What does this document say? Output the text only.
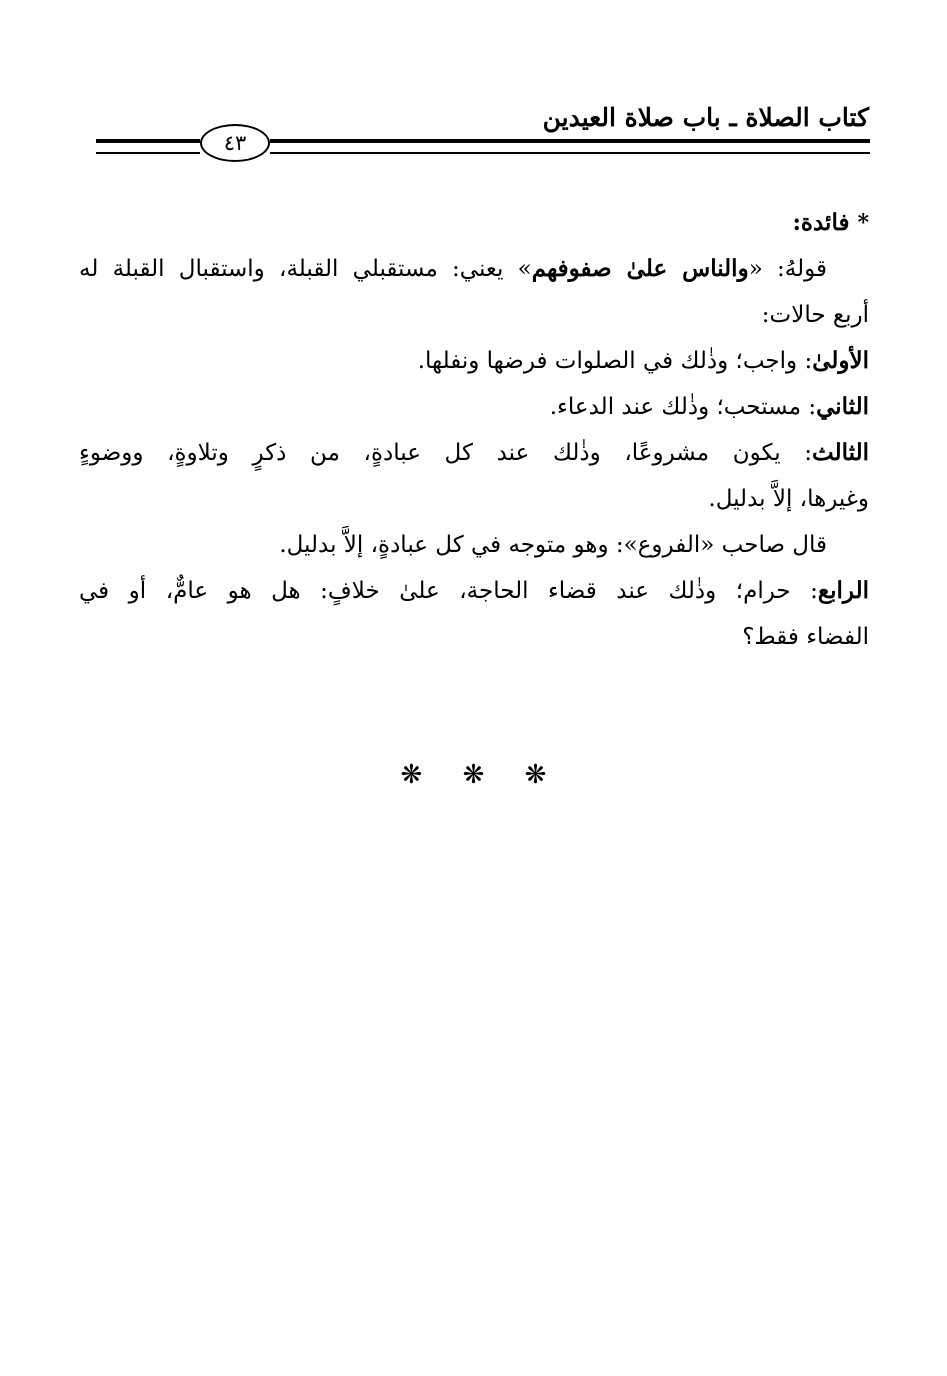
كتاب الصلاة ـ باب صلاة العيدين
٤٣
* فائدة:
قولهُ: «والناس علىٰ صفوفهم» يعني: مستقبلي القبلة، واستقبال القبلة له
أربع حالات:
الأولىٰ: واجب؛ وذٰلك في الصلوات فرضها ونفلها.
الثاني: مستحب؛ وذٰلك عند الدعاء.
الثالث: يكون مشروعًا، وذٰلك عند كل عبادةٍ، من ذكرٍ وتلاوةٍ، ووضوءٍ
وغيرها، إلاَّ بدليل.
قال صاحب «الفروع»: وهو متوجه في كل عبادةٍ، إلاَّ بدليل.
الرابع: حرام؛ وذٰلك عند قضاء الحاجة، علىٰ خلافٍ: هل هو عامٌّ، أو في
الفضاء فقط؟
❋ ❋ ❋
